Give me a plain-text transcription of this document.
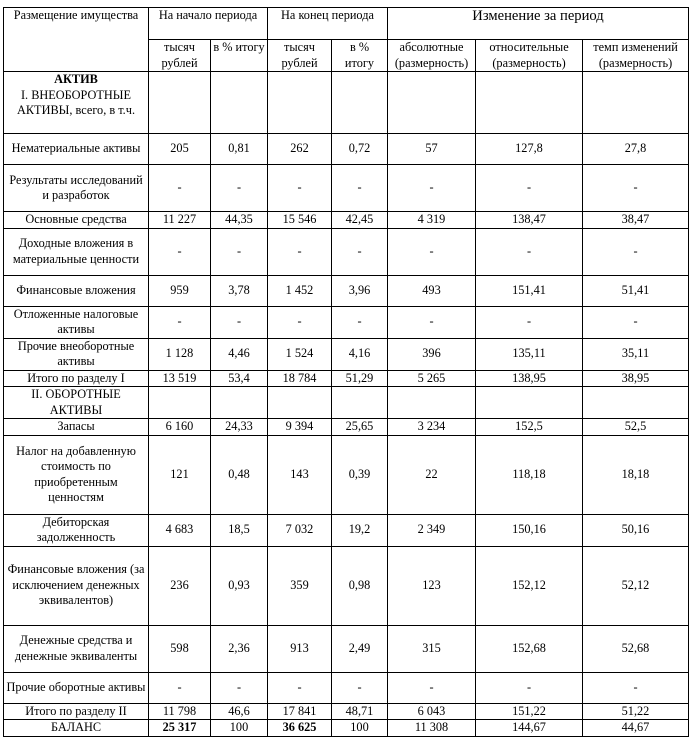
Размещение имущества	На начало периода		На конец периода		Изменение за период		
	тысяч рублей	в % итогу	тысяч рублей	в % итогу	абсолютные (размерность)	относительные (размерность)	темп изменений (размерность)
АКТИВ
I. ВНЕОБОРОТНЫЕ АКТИВЫ, всего, в т.ч.							
Нематериальные активы	205	0,81	262	0,72	57	127,8	27,8
Результаты исследований и разработок	-	-	-	-	-	-	-
Основные средства	11 227	44,35	15 546	42,45	4 319	138,47	38,47
Доходные вложения в материальные ценности	-	-	-	-	-	-	-
Финансовые вложения	959	3,78	1 452	3,96	493	151,41	51,41
Отложенные налоговые активы	-	-	-	-	-	-	-
Прочие внеоборотные активы	1 128	4,46	1 524	4,16	396	135,11	35,11
Итого по разделу I	13 519	53,4	18 784	51,29	5 265	138,95	38,95
II. ОБОРОТНЫЕ АКТИВЫ							
Запасы	6 160	24,33	9 394	25,65	3 234	152,5	52,5
Налог на добавленную стоимость по приобретенным ценностям	121	0,48	143	0,39	22	118,18	18,18
Дебиторская задолженность	4 683	18,5	7 032	19,2	2 349	150,16	50,16
Финансовые вложения (за исключением денежных эквивалентов)	236	0,93	359	0,98	123	152,12	52,12
Денежные средства и денежные эквиваленты	598	2,36	913	2,49	315	152,68	52,68
Прочие оборотные активы	-	-	-	-	-	-	-
Итого по разделу II	11 798	46,6	17 841	48,71	6 043	151,22	51,22
БАЛАНС	25 317	100	36 625	100	11 308	144,67	44,67
